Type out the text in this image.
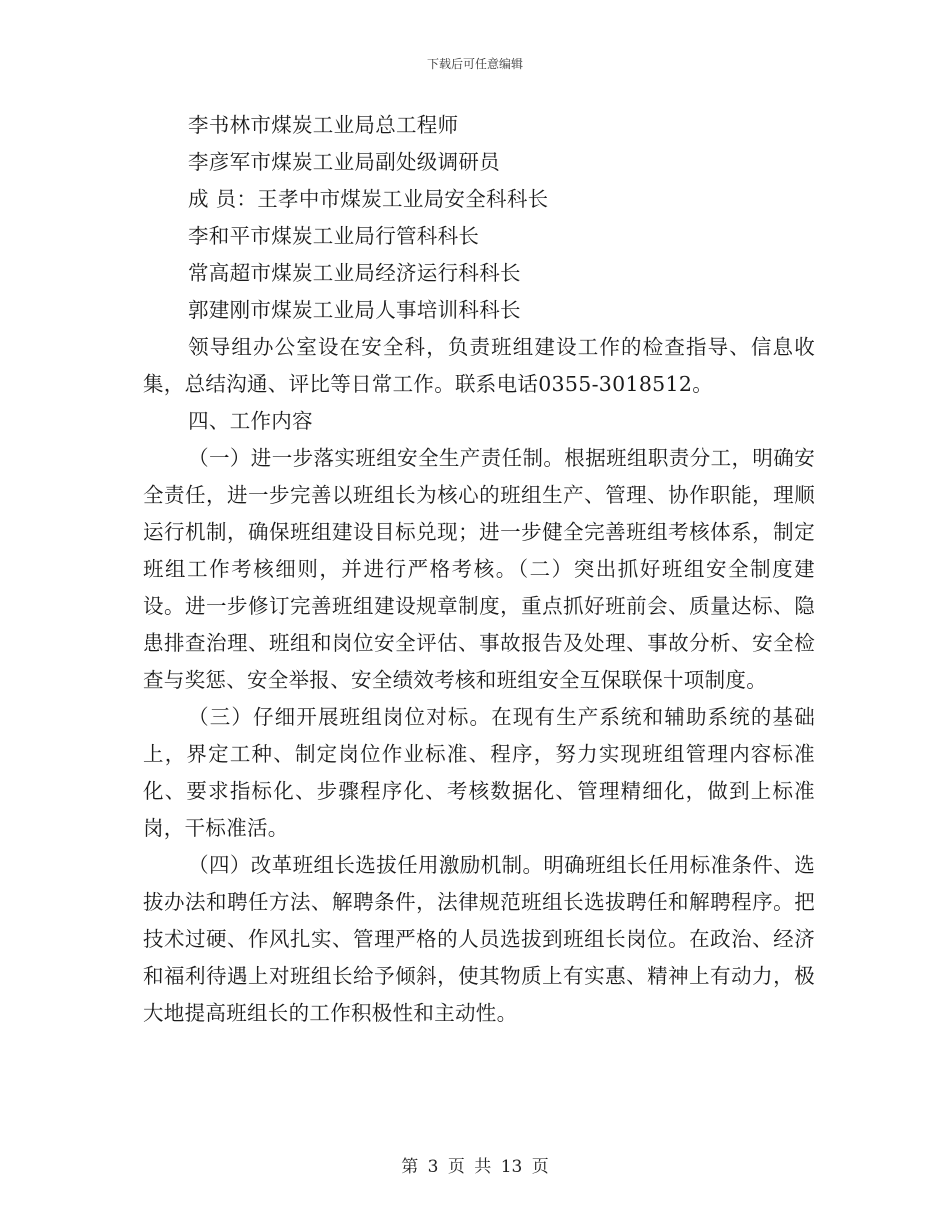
下载后可任意编辑
李书林市煤炭工业局总工程师
李彦军市煤炭工业局副处级调研员
成 员：王孝中市煤炭工业局安全科科长
李和平市煤炭工业局行管科科长
常高超市煤炭工业局经济运行科科长
郭建刚市煤炭工业局人事培训科科长
领导组办公室设在安全科，负责班组建设工作的检查指导、信息收集，总结沟通、评比等日常工作。联系电话0355-3018512。
四、工作内容
（一）进一步落实班组安全生产责任制。根据班组职责分工，明确安全责任，进一步完善以班组长为核心的班组生产、管理、协作职能，理顺运行机制，确保班组建设目标兑现；进一步健全完善班组考核体系，制定班组工作考核细则，并进行严格考核。（二）突出抓好班组安全制度建设。进一步修订完善班组建设规章制度，重点抓好班前会、质量达标、隐患排查治理、班组和岗位安全评估、事故报告及处理、事故分析、安全检查与奖惩、安全举报、安全绩效考核和班组安全互保联保十项制度。
（三）仔细开展班组岗位对标。在现有生产系统和辅助系统的基础上，界定工种、制定岗位作业标准、程序，努力实现班组管理内容标准化、要求指标化、步骤程序化、考核数据化、管理精细化，做到上标准岗，干标准活。
（四）改革班组长选拔任用激励机制。明确班组长任用标准条件、选拔办法和聘任方法、解聘条件，法律规范班组长选拔聘任和解聘程序。把技术过硬、作风扎实、管理严格的人员选拔到班组长岗位。在政治、经济和福利待遇上对班组长给予倾斜，使其物质上有实惠、精神上有动力，极大地提高班组长的工作积极性和主动性。
第 3 页 共 13 页
